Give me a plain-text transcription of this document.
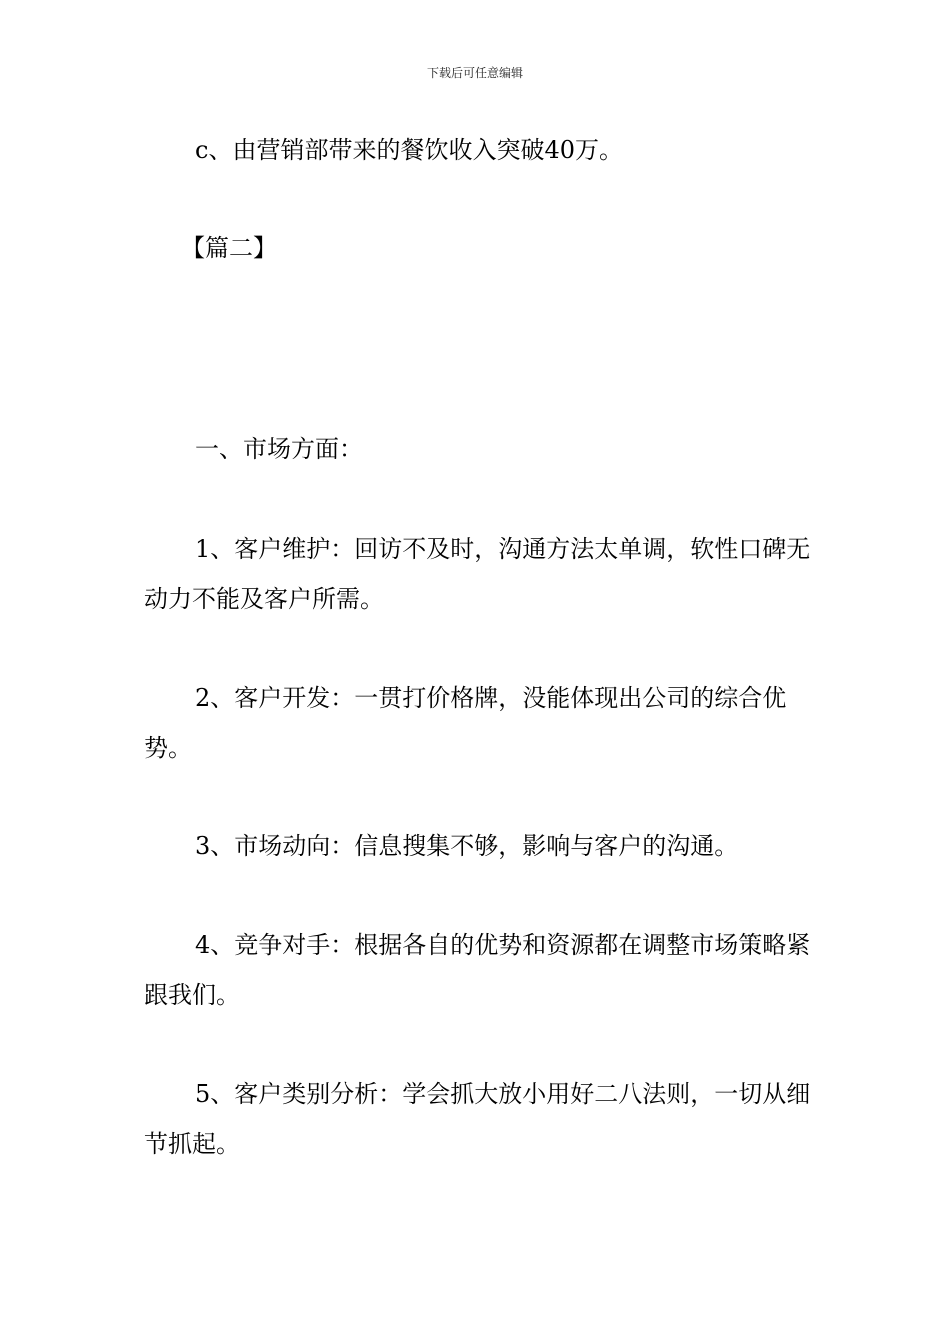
下载后可任意编辑

c、由营销部带来的餐饮收入突破40万。

【篇二】

一、市场方面：

1、客户维护：回访不及时，沟通方法太单调，软性口碑无动力不能及客户所需。

2、客户开发：一贯打价格牌，没能体现出公司的综合优势。

3、市场动向：信息搜集不够，影响与客户的沟通。

4、竞争对手：根据各自的优势和资源都在调整市场策略紧跟我们。

5、客户类别分析：学会抓大放小用好二八法则，一切从细节抓起。
